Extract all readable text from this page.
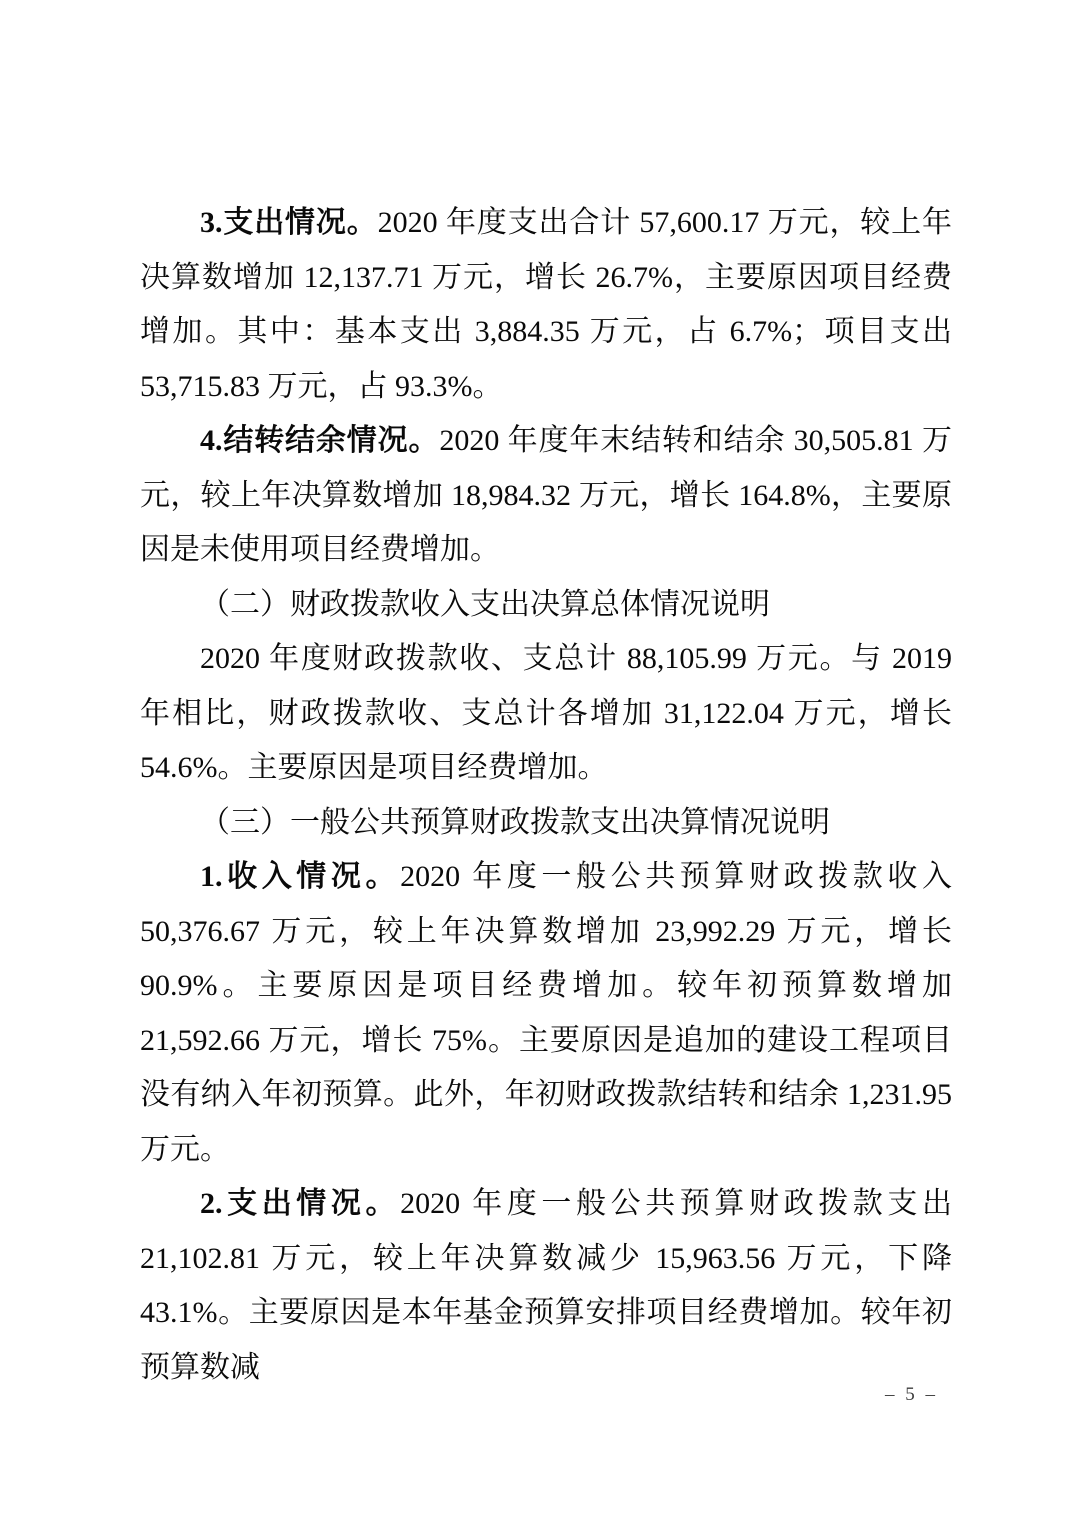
3.支出情况。2020 年度支出合计 57,600.17 万元，较上年决算数增加 12,137.71 万元，增长 26.7%，主要原因项目经费增加。其中：基本支出 3,884.35 万元，占 6.7%；项目支出 53,715.83 万元，占 93.3%。

4.结转结余情况。2020 年度年末结转和结余 30,505.81 万元，较上年决算数增加 18,984.32 万元，增长 164.8%，主要原因是未使用项目经费增加。

（二）财政拨款收入支出决算总体情况说明

2020 年度财政拨款收、支总计 88,105.99 万元。与 2019 年相比，财政拨款收、支总计各增加 31,122.04 万元，增长 54.6%。主要原因是项目经费增加。

（三）一般公共预算财政拨款支出决算情况说明

1.收入情况。2020 年度一般公共预算财政拨款收入 50,376.67 万元，较上年决算数增加 23,992.29 万元，增长 90.9%。主要原因是项目经费增加。较年初预算数增加 21,592.66 万元，增长 75%。主要原因是追加的建设工程项目没有纳入年初预算。此外，年初财政拨款结转和结余 1,231.95 万元。

2.支出情况。2020 年度一般公共预算财政拨款支出 21,102.81 万元，较上年决算数减少 15,963.56 万元，下降 43.1%。主要原因是本年基金预算安排项目经费增加。较年初预算数减

– 5 –
